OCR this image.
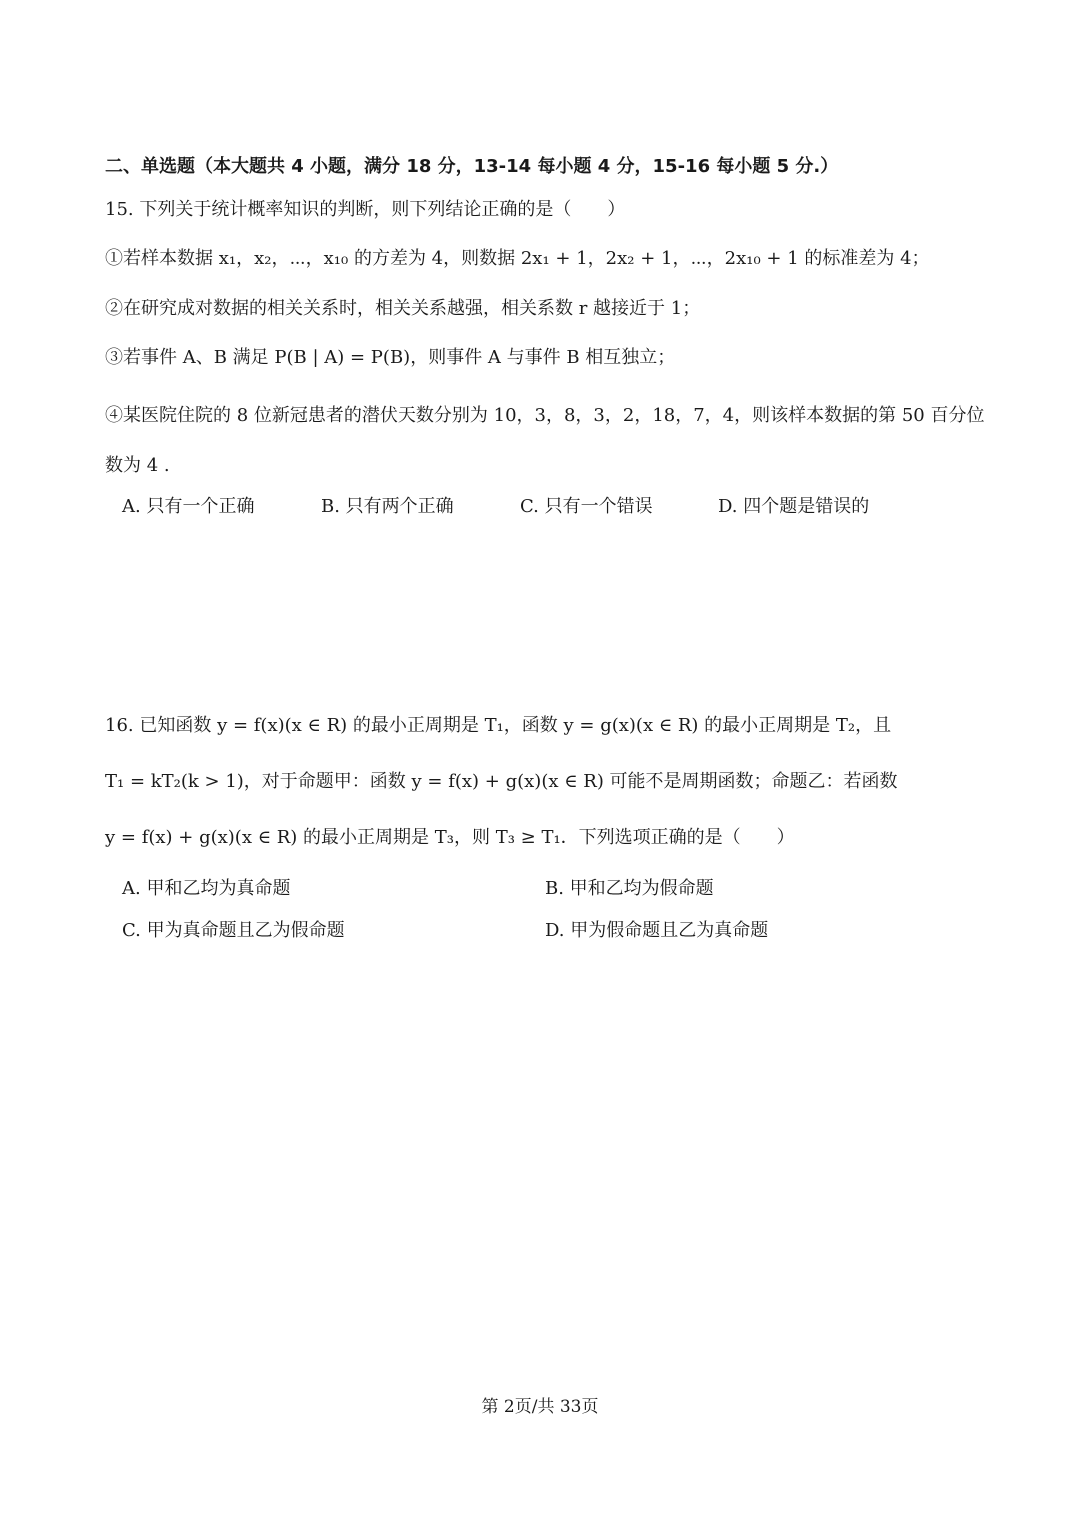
二、单选题（本大题共 4 小题，满分 18 分，13-14 每小题 4 分，15-16 每小题 5 分.）
15. 下列关于统计概率知识的判断，则下列结论正确的是（　　）
①若样本数据 x₁，x₂，⋯，x₁₀ 的方差为 4，则数据 2x₁ + 1，2x₂ + 1，⋯，2x₁₀ + 1 的标准差为 4；
②在研究成对数据的相关关系时，相关关系越强，相关系数 r 越接近于 1；
③若事件 A、B 满足 P(B | A) = P(B)，则事件 A 与事件 B 相互独立；
④某医院住院的 8 位新冠患者的潜伏天数分别为 10，3，8，3，2，18，7，4，则该样本数据的第 50 百分位
数为 4 .
A. 只有一个正确	B. 只有两个正确	C. 只有一个错误	D. 四个题是错误的
16. 已知函数 y = f(x)(x ∈ R) 的最小正周期是 T₁，函数 y = g(x)(x ∈ R) 的最小正周期是 T₂，且
T₁ = kT₂(k > 1)，对于命题甲：函数 y = f(x) + g(x)(x ∈ R) 可能不是周期函数；命题乙：若函数
y = f(x) + g(x)(x ∈ R) 的最小正周期是 T₃，则 T₃ ≥ T₁．下列选项正确的是（　　）
A. 甲和乙均为真命题	B. 甲和乙均为假命题
C. 甲为真命题且乙为假命题	D. 甲为假命题且乙为真命题
第 2页/共 33页
